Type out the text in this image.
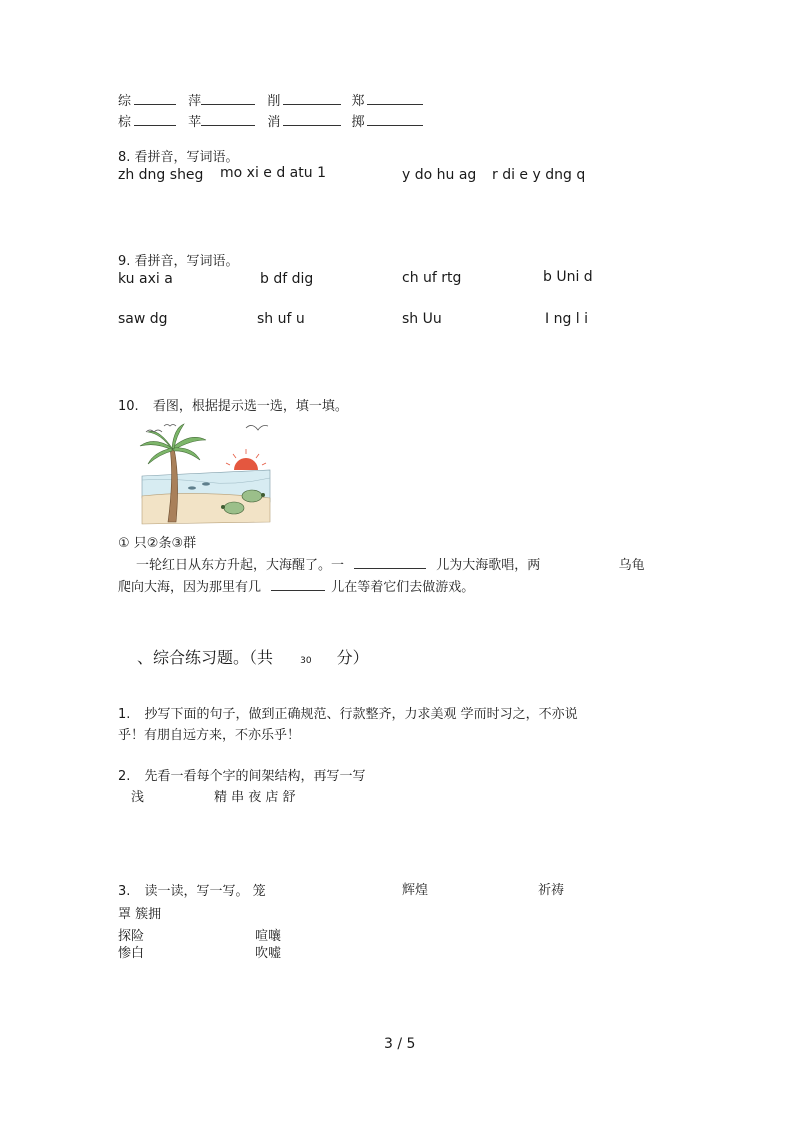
综	萍	削	郑
棕	苹	消	掷
8. 看拼音，写词语。
zh dng sheg mo xi e d atu 1	y do hu ag r di e y dng q
9. 看拼音，写词语。
ku axi a	b df dig	ch uf rtg	b Uni d
saw dg	sh uf u	sh Uu	I ng l i
10. 看图，根据提示选一选，填一填。
① 只②条③群
一轮红日从东方升起，大海醒了。一	儿为大海歌唱，两	乌龟
爬向大海，因为那里有几	儿在等着它们去做游戏。
、综合练习题。（共	30 分）
1. 抄写下面的句子，做到正确规范、行款整齐，力求美观 学而时习之，不亦说
乎！有朋自远方来，不亦乐乎！
2. 先看一看每个字的间架结构，再写一写
浅	精 串 夜 店 舒
3. 读一读，写一写。 笼	辉煌	祈祷
罩 簇拥
探险	喧嚷
惨白	吹嘘
3 / 5
